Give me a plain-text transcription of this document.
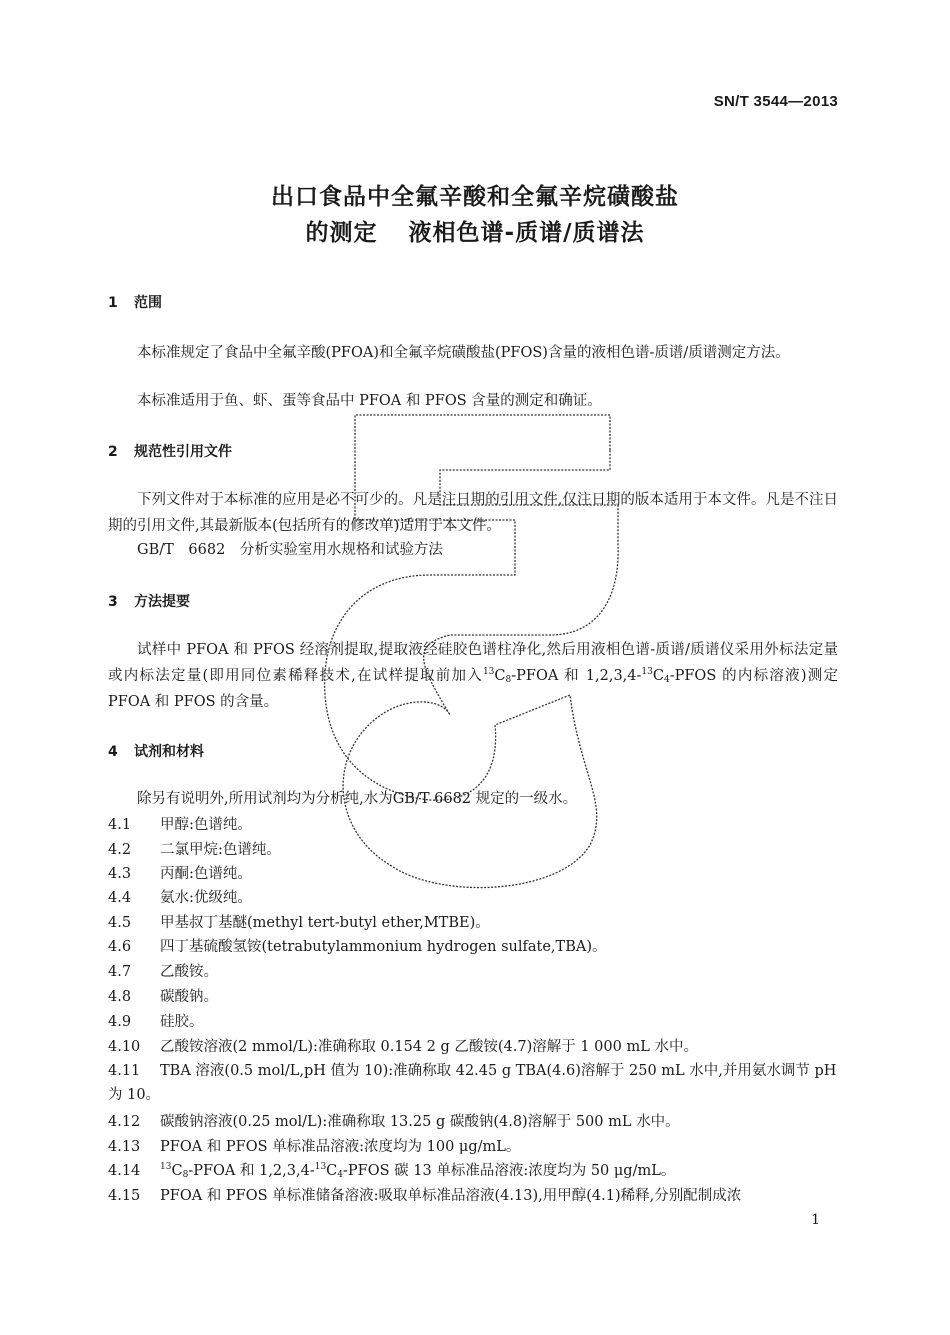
SN/T 3544—2013
出口食品中全氟辛酸和全氟辛烷磺酸盐
的测定 液相色谱-质谱/质谱法
1 范围

本标准规定了食品中全氟辛酸(PFOA)和全氟辛烷磺酸盐(PFOS)含量的液相色谱-质谱/质谱测定方法。

本标准适用于鱼、虾、蛋等食品中 PFOA 和 PFOS 含量的测定和确证。

2 规范性引用文件

下列文件对于本标准的应用是必不可少的。凡是注日期的引用文件,仅注日期的版本适用于本文件。凡是不注日期的引用文件,其最新版本(包括所有的修改单)适用于本文件。

GB/T 6682 分析实验室用水规格和试验方法

3 方法提要

试样中 PFOA 和 PFOS 经溶剂提取,提取液经硅胶色谱柱净化,然后用液相色谱-质谱/质谱仪采用外标法定量或内标法定量(即用同位素稀释技术,在试样提取前加入$^{13}C_8$-PFOA 和 $1,2,3,4-^{13}C_4$-PFOS 的内标溶液)测定 PFOA 和 PFOS 的含量。

4 试剂和材料

除另有说明外,所用试剂均为分析纯,水为GB/T 6682 规定的一级水。

4.1 甲醇:色谱纯。
4.2 二氯甲烷:色谱纯。
4.3 丙酮:色谱纯。
4.4 氨水:优级纯。
4.5 甲基叔丁基醚(methyl tert-butyl ether,MTBE)。
4.6 四丁基硫酸氢铵(tetrabutylammonium hydrogen sulfate,TBA)。
4.7 乙酸铵。
4.8 碳酸钠。
4.9 硅胶。
4.10 乙酸铵溶液(2 mmol/L):准确称取 0.154 2 g 乙酸铵(4.7)溶解于 1 000 mL 水中。
4.11 TBA 溶液(0.5 mol/L,pH 值为 10):准确称取 42.45 g TBA(4.6)溶解于 250 mL 水中,并用氨水调节 pH 为 10。
4.12 碳酸钠溶液(0.25 mol/L):准确称取 13.25 g 碳酸钠(4.8)溶解于 500 mL 水中。
4.13 PFOA 和 PFOS 单标准品溶液:浓度均为 100 μg/mL。
4.14 $^{13}C_8$-PFOA 和 $1,2,3,4-^{13}C_4$-PFOS 碳 13 单标准品溶液:浓度均为 50 μg/mL。
4.15 PFOA 和 PFOS 单标准储备溶液:吸取单标准品溶液(4.13),用甲醇(4.1)稀释,分别配制成浓
1
